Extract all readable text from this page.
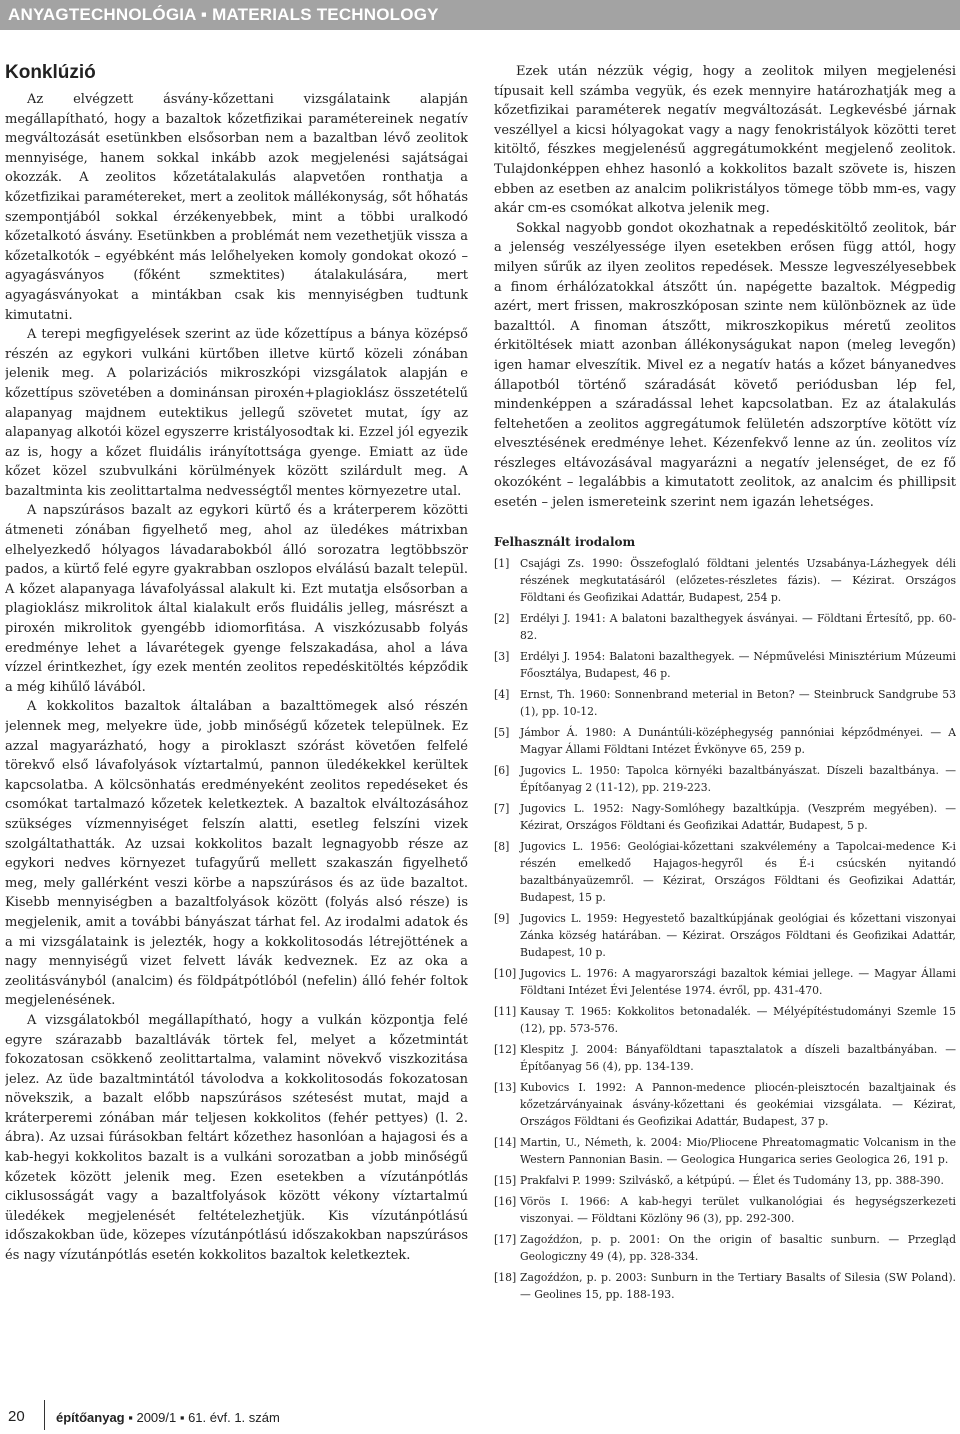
ANYAGTECHNOLÓGIA ▪ MATERIALS TECHNOLOGY
Konklúzió

Az elvégzett ásvány-kőzettani vizsgálataink alapján megállapítható, hogy a bazaltok kőzetfizikai paramétereinek negatív megváltozását esetünkben elsősorban nem a bazaltban lévő zeolitok mennyisége, hanem sokkal inkább azok megjelenési sajátságai okozzák. A zeolitos kőzetátalakulás alapvetően ronthatja a kőzetfizikai paramétereket, mert a zeolitok mállékonyság, sőt hőhatás szempontjából sokkal érzékenyebbek, mint a többi uralkodó kőzetalkotó ásvány. Esetünkben a problémát nem vezethetjük vissza a kőzetalkotók – egyébként más lelőhelyeken komoly gondokat okozó – agyagásványos (főként szmektites) átalakulására, mert agyagásványokat a mintákban csak kis mennyiségben tudtunk kimutatni.

A terepi megfigyelések szerint az üde kőzettípus a bánya középső részén az egykori vulkáni kürtőben illetve kürtő közeli zónában jelenik meg. A polarizációs mikroszkópi vizsgálatok alapján e kőzettípus szövetében a dominánsan piroxén+plagioklász összetételű alapanyag majdnem eutektikus jellegű szövetet mutat, így az alapanyag alkotói közel egyszerre kristályosodtak ki. Ezzel jól egyezik az is, hogy a kőzet fluidális irányítottsága gyenge. Emiatt az üde kőzet közel szubvulkáni körülmények között szilárdult meg. A bazaltminta kis zeolittartalma nedvességtől mentes környezetre utal.

A napszúrásos bazalt az egykori kürtő és a kráterperem közötti átmeneti zónában figyelhető meg, ahol az üledékes mátrixban elhelyezkedő hólyagos lávadarabokból álló sorozatra legtöbbször pados, a kürtő felé egyre gyakrabban oszlopos elválású bazalt települ. A kőzet alapanyaga lávafolyással alakult ki. Ezt mutatja elsősorban a plagioklász mikrolitok által kialakult erős fluidális jelleg, másrészt a piroxén mikrolitok gyengébb idiomorfitása. A viszkózusabb folyás eredménye lehet a lávarétegek gyenge felszakadása, ahol a láva vízzel érintkezhet, így ezek mentén zeolitos repedéskitöltés képződik a még kihűlő lávából.

A kokkolitos bazaltok általában a bazalttömegek alsó részén jelennek meg, melyekre üde, jobb minőségű kőzetek települnek. Ez azzal magyarázható, hogy a piroklaszt szórást követően felfelé törekvő első lávafolyások víztartalmú, pannon üledékekkel kerültek kapcsolatba. A kölcsönhatás eredményeként zeolitos repedéseket és csomókat tartalmazó kőzetek keletkeztek. A bazaltok elváltozásához szükséges vízmennyiséget felszín alatti, esetleg felszíni vizek szolgáltathatták. Az uzsai kokkolitos bazalt legnagyobb része az egykori nedves környezet tufagyűrű mellett szakaszán figyelhető meg, mely gallérként veszi körbe a napszúrásos és az üde bazaltot. Kisebb mennyiségben a bazaltfolyások között (folyás alsó része) is megjelenik, amit a további bányászat tárhat fel. Az irodalmi adatok és a mi vizsgálataink is jelezték, hogy a kokkolitosodás létrejöttének a nagy mennyiségű vizet felvett lávák kedveznek. Ez az oka a zeolitásványból (analcim) és földpátpótlóból (nefelin) álló fehér foltok megjelenésének.

A vizsgálatokból megállapítható, hogy a vulkán központja felé egyre szárazabb bazaltlávák törtek fel, melyet a kőzetmintát fokozatosan csökkenő zeolittartalma, valamint növekvő viszkozitása jelez. Az üde bazaltmintától távolodva a kokkolitosodás fokozatosan növekszik, a bazalt előbb napszúrásos szétesést mutat, majd a kráterperemi zónában már teljesen kokkolitos (fehér pettyes) (l. 2. ábra). Az uzsai fúrásokban feltárt kőzethez hasonlóan a hajagosi és a kab-hegyi kokkolitos bazalt is a vulkáni sorozatban a jobb minőségű kőzetek között jelenik meg. Ezen esetekben a vízutánpótlás ciklusosságát vagy a bazaltfolyások között vékony víztartalmú üledékek megjelenését feltételezhetjük. Kis vízutánpótlású időszakokban üde, közepes vízutánpótlású időszakokban napszúrásos és nagy vízutánpótlás esetén kokkolitos bazaltok keletkeztek.

Ezek után nézzük végig, hogy a zeolitok milyen megjelenési típusait kell számba vegyük, és ezek mennyire határozhatják meg a kőzetfizikai paraméterek negatív megváltozását. Legkevésbé járnak veszéllyel a kicsi hólyagokat vagy a nagy fenokristályok közötti teret kitöltő, fészkes megjelenésű aggregátumokként megjelenő zeolitok. Tulajdonképpen ehhez hasonló a kokkolitos bazalt szövete is, hiszen ebben az esetben az analcim polikristályos tömege több mm-es, vagy akár cm-es csomókat alkotva jelenik meg.

Sokkal nagyobb gondot okozhatnak a repedéskitöltő zeolitok, bár a jelenség veszélyessége ilyen esetekben erősen függ attól, hogy milyen sűrűk az ilyen zeolitos repedések. Messze legveszélyesebbek a finom érhálózatokkal átszőtt ún. napégette bazaltok. Mégpedig azért, mert frissen, makroszkóposan szinte nem különböznek az üde bazalttól. A finoman átszőtt, mikroszkopikus méretű zeolitos érkitöltések miatt azonban állékonyságukat napon (meleg levegőn) igen hamar elveszítik. Mivel ez a negatív hatás a kőzet bányanedves állapotból történő száradását követő periódusban lép fel, mindenképpen a száradással lehet kapcsolatban. Ez az átalakulás feltehetően a zeolitos aggregátumok felületén adszorptíve kötött víz elvesztésének eredménye lehet. Kézenfekvő lenne az ún. zeolitos víz részleges eltávozásával magyarázni a negatív jelenséget, de ez fő okozóként – legalábbis a kimutatott zeolitok, az analcim és phillipsit esetén – jelen ismereteink szerint nem igazán lehetséges.

Felhasznált irodalom
[1] Csajági Zs. 1990: Összefoglaló földtani jelentés Uzsabánya-Lázhegyek déli részének megkutatásáról (előzetes-részletes fázis). — Kézirat. Országos Földtani és Geofizikai Adattár, Budapest, 254 p.
[2] Erdélyi J. 1941: A balatoni bazalthegyek ásványai. — Földtani Értesítő, pp. 60-82.
[3] Erdélyi J. 1954: Balatoni bazalthegyek. — Népművelési Minisztérium Múzeumi Főosztálya, Budapest, 46 p.
[4] Ernst, Th. 1960: Sonnenbrand meterial in Beton? — Steinbruck Sandgrube 53 (1), pp. 10-12.
[5] Jámbor Á. 1980: A Dunántúli-középhegység pannóniai képződményei. — A Magyar Állami Földtani Intézet Évkönyve 65, 259 p.
[6] Jugovics L. 1950: Tapolca környéki bazaltbányászat. Díszeli bazaltbánya. — Építőanyag 2 (11-12), pp. 219-223.
[7] Jugovics L. 1952: Nagy-Somlóhegy bazaltkúpja. (Veszprém megyében). — Kézirat, Országos Földtani és Geofizikai Adattár, Budapest, 5 p.
[8] Jugovics L. 1956: Geológiai-kőzettani szakvélemény a Tapolcai-medence K-i részén emelkedő Hajagos-hegyről és É-i csúcskén nyitandó bazaltbányaüzemről. — Kézirat, Országos Földtani és Geofizikai Adattár, Budapest, 15 p.
[9] Jugovics L. 1959: Hegyestető bazaltkúpjának geológiai és kőzettani viszonyai Zánka község határában. — Kézirat. Országos Földtani és Geofizikai Adattár, Budapest, 10 p.
[10] Jugovics L. 1976: A magyarországi bazaltok kémiai jellege. — Magyar Állami Földtani Intézet Évi Jelentése 1974. évről, pp. 431-470.
[11] Kausay T. 1965: Kokkolitos betonadalék. — Mélyépítéstudományi Szemle 15 (12), pp. 573-576.
[12] Klespitz J. 2004: Bányaföldtani tapasztalatok a díszeli bazaltbányában. — Építőanyag 56 (4), pp. 134-139.
[13] Kubovics I. 1992: A Pannon-medence pliocén-pleisztocén bazaltjainak és kőzetzárványainak ásvány-kőzettani és geokémiai vizsgálata. — Kézirat, Országos Földtani és Geofizikai Adattár, Budapest, 37 p.
[14] Martin, U., Németh, k. 2004: Mio/Pliocene Phreatomagmatic Volcanism in the Western Pannonian Basin. — Geologica Hungarica series Geologica 26, 191 p.
[15] Prakfalvi P. 1999: Szilváskő, a kétpúpú. — Élet és Tudomány 13, pp. 388-390.
[16] Vörös I. 1966: A kab-hegyi terület vulkanológiai és hegységszerkezeti viszonyai. — Földtani Közlöny 96 (3), pp. 292-300.
[17] Zagoźdźon, p. p. 2001: On the origin of basaltic sunburn. — Przegląd Geologiczny 49 (4), pp. 328-334.
[18] Zagoźdźon, p. p. 2003: Sunburn in the Tertiary Basalts of Silesia (SW Poland). — Geolines 15, pp. 188-193.
20 építőanyag ▪ 2009/1 ▪ 61. évf. 1. szám
